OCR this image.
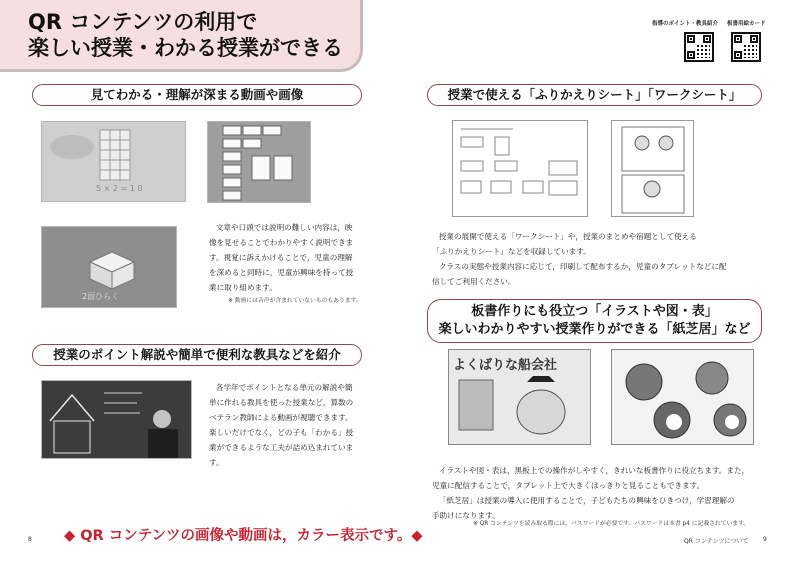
QR コンテンツの利用で
楽しい授業・わかる授業ができる
指導のポイント・教具紹介 板書用絵カード
見てわかる・理解が深まる動画や画像
5 × 2 = 1 0
2面ひらく

文章や口頭では説明の難しい内容は，映

像を見せることでわかりやすく説明できま
す。視覚に訴えかけることで，児童の理解
を深めると同時に，児童が興味を持って授
業に取り組めます。
※ 動画には音声が含まれていないものもあります。
授業のポイント解説や簡単で便利な教具などを紹介

各学年でポイントとなる単元の解説や簡

単に作れる教具を使った授業など，算数の
ベテラン教師による動画が視聴できます。
楽しいだけでなく，どの子も「わかる」授
業ができるような工夫が詰め込まれていま
す。
◆ QR コンテンツの画像や動画は，カラー表示です。◆
8
授業で使える「ふりかえりシート」「ワークシート」

授業の展開で使える「ワークシート」や，授業のまとめや宿題として使える

「ふりかえりシート」などを収録しています。

クラスの実態や授業内容に応じて，印刷して配布するか，児童のタブレットなどに配

信してご利用ください。
板書作りにも役立つ「イラストや図・表」
楽しいわかりやすい授業作りができる「紙芝居」など
よくばりな船会社

イラストや図・表は，黒板上での操作がしやすく，きれいな板書作りに役立ちます。また，

児童に配信することで，タブレット上で大きくはっきりと見ることもできます。

「紙芝居」は授業の導入に使用することで，子どもたちの興味をひきつけ，学習理解の

手助けになります。
※ QR コンテンツを読み取る際には，パスワードが必要です。パスワードは本書 p4 に記載されています。
QR コンテンツについて 9
